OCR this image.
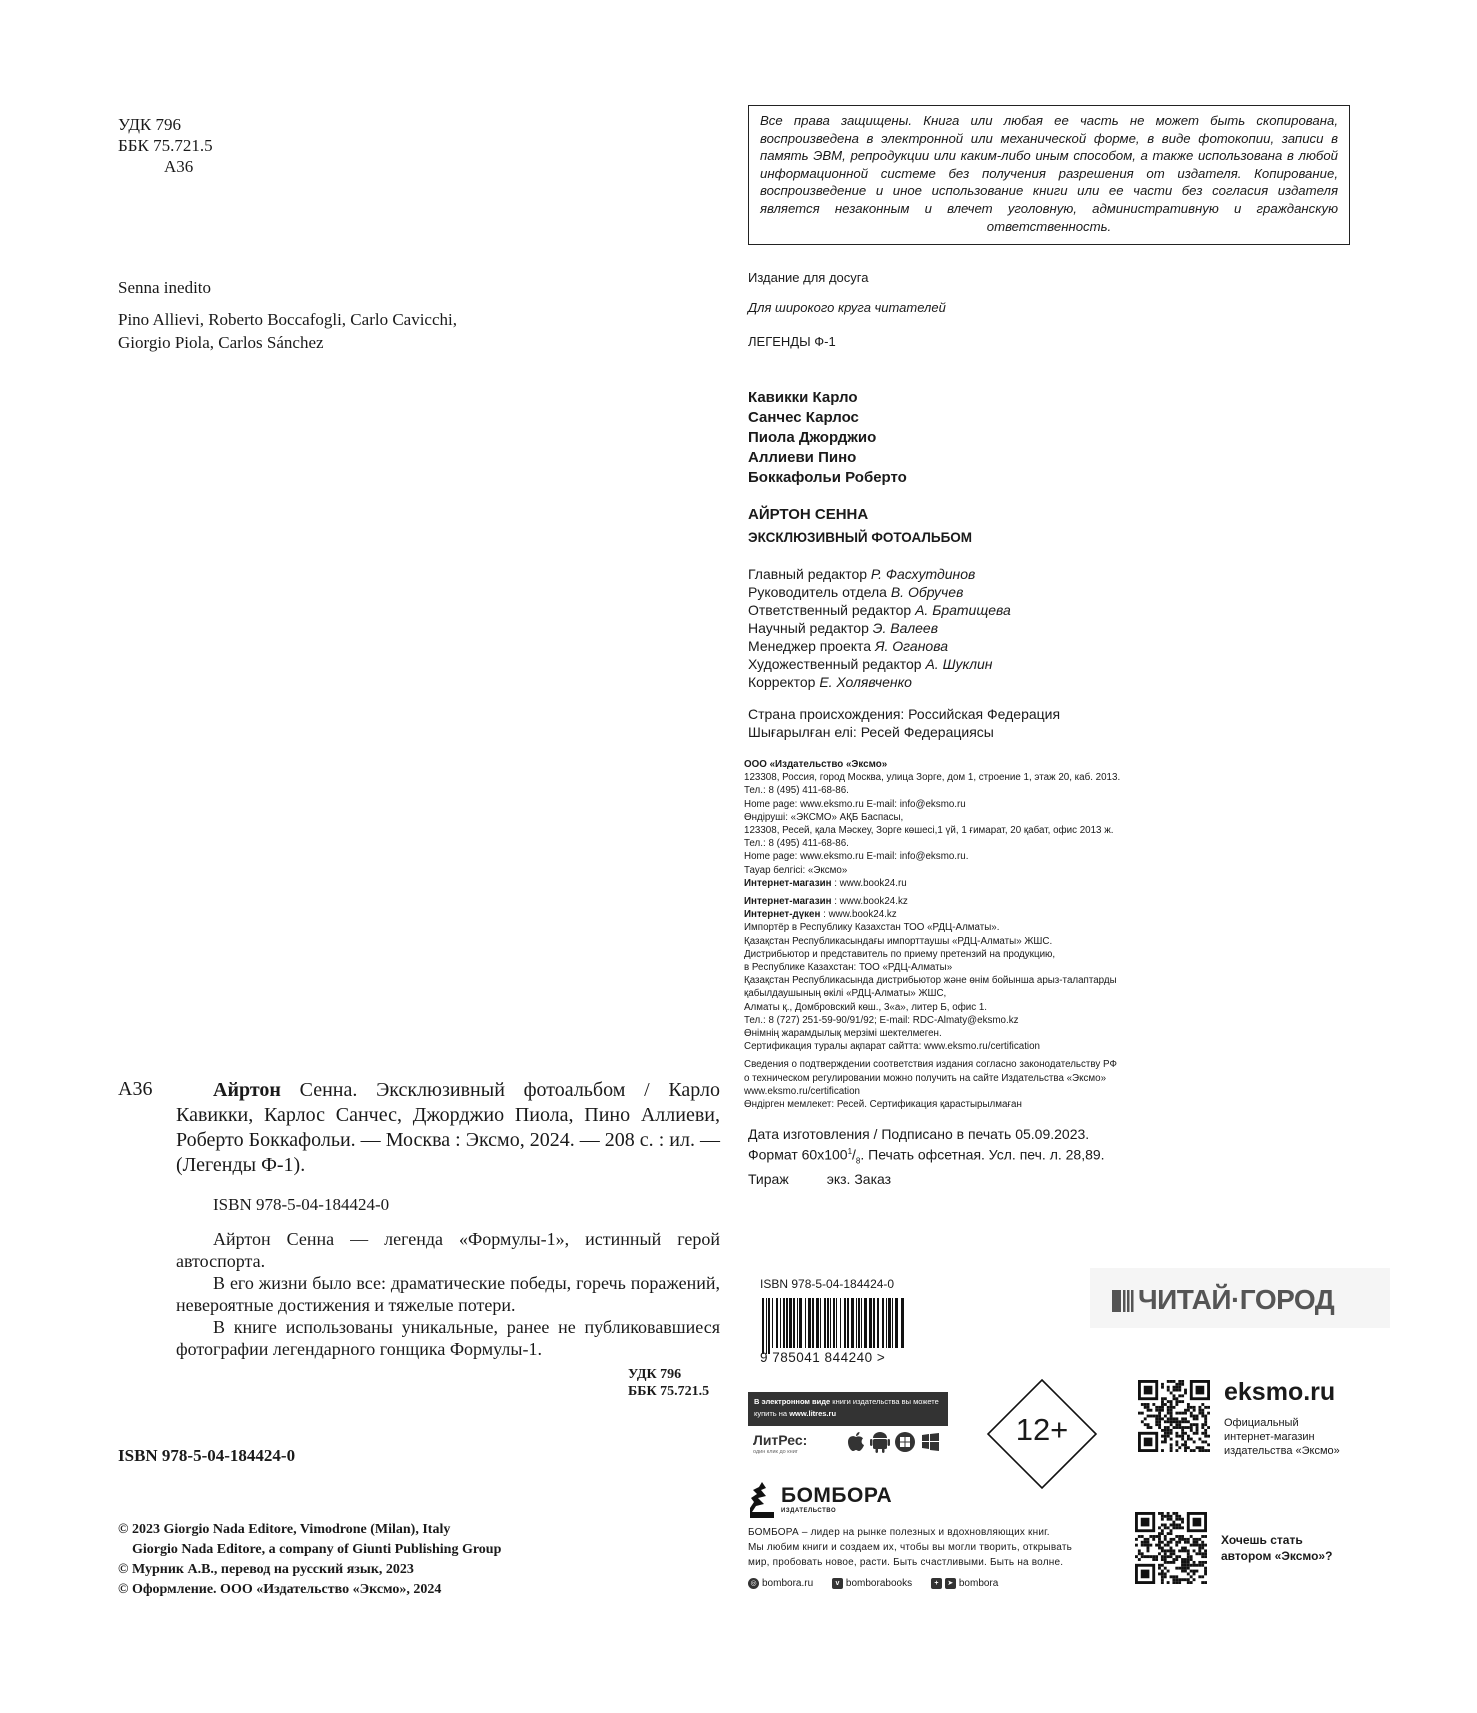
УДК 796
ББК 75.721.5
А36
Senna inedito
Pino Allievi, Roberto Boccafogli, Carlo Cavicchi,
Giorgio Piola, Carlos Sánchez
А36	Айртон Сенна. Эксклюзивный фотоальбом / Карло Кавикки, Карлос Санчес, Джорджио Пиола, Пино Аллиеви, Роберто Боккафольи. — Москва : Эксмо, 2024. — 208 с. : ил. — (Легенды Ф-1).
ISBN 978-5-04-184424-0

Айртон Сенна — легенда «Формулы-1», истинный герой автоспорта.

В его жизни было все: драматические победы, горечь поражений, невероятные достижения и тяжелые потери.

В книге использованы уникальные, ранее не публиковавшиеся фотографии легендарного гонщика Формулы-1.

УДК 796
ББК 75.721.5
ISBN 978-5-04-184424-0
© 2023 Giorgio Nada Editore, Vimodrone (Milan), Italy
Giorgio Nada Editore, a company of Giunti Publishing Group
© Мурник А.В., перевод на русский язык, 2023
© Оформление. ООО «Издательство «Эксмо», 2024
Все права защищены. Книга или любая ее часть не может быть скопирована, воспроизведена в электронной или механической форме, в виде фотокопии, записи в память ЭВМ, репродукции или каким-либо иным способом, а также использована в любой информационной системе без получения разрешения от издателя. Копирование, воспроизведение и иное использование книги или ее части без согласия издателя является незаконным и влечет уголовную, административную и гражданскую ответственность.
Издание для досуга
Для широкого круга читателей
ЛЕГЕНДЫ Ф-1
Кавикки Карло
Санчес Карлос
Пиола Джорджио
Аллиеви Пино
Боккафольи Роберто
АЙРТОН СЕННА
ЭКСКЛЮЗИВНЫЙ ФОТОАЛЬБОМ
Главный редактор Р. Фасхутдинов
Руководитель отдела В. Обручев
Ответственный редактор А. Братищева
Научный редактор Э. Валеев
Менеджер проекта Я. Оганова
Художественный редактор А. Шуклин
Корректор Е. Холявченко
Страна происхождения: Российская Федерация
Шығарылған елі: Ресей Федерациясы
ООО «Издательство «Эксмо»
123308, Россия, город Москва, улица Зорге, дом 1, строение 1, этаж 20, каб. 2013.
Тел.: 8 (495) 411-68-86.
Home page: www.eksmo.ru E-mail: info@eksmo.ru
Өндіруші: «ЭКСМО» АҚБ Баспасы,
123308, Ресей, қала Мәскеу, Зорге көшесі,1 үй, 1 ғимарат, 20 қабат, офис 2013 ж.
Тел.: 8 (495) 411-68-86.
Home page: www.eksmo.ru E-mail: info@eksmo.ru.
Тауар белгісі: «Эксмо»
Интернет-магазин : www.book24.ru
Интернет-магазин : www.book24.kz
Интернет-дүкен : www.book24.kz
Импортёр в Республику Казахстан ТОО «РДЦ-Алматы».
Қазақстан Республикасындағы импорттаушы «РДЦ-Алматы» ЖШС.
Дистрибьютор и представитель по приему претензий на продукцию,
в Республике Казахстан: ТОО «РДЦ-Алматы»
Қазақстан Республикасында дистрибьютор және өнім бойынша арыз-талаптарды
қабылдаушының өкілі «РДЦ-Алматы» ЖШС,
Алматы қ., Домбровский көш., 3«а», литер Б, офис 1.
Тел.: 8 (727) 251-59-90/91/92; E-mail: RDC-Almaty@eksmo.kz
Өнімнің жарамдылық мерзімі шектелмеген.
Сертификация туралы ақпарат сайтта: www.eksmo.ru/certification
Сведения о подтверждении соответствия издания согласно законодательству РФ
о техническом регулировании можно получить на сайте Издательства «Эксмо»
www.eksmo.ru/certification
Өндірген мемлекет: Ресей. Сертификация қарастырылмаған
Дата изготовления / Подписано в печать 05.09.2023.
Формат $60x100^1/_8$. Печать офсетная. Усл. печ. л. 28,89.
Тираж	экз. Заказ
ISBN 978-5-04-184424-0
9 785041 844240 >
ЧИТАЙ·ГОРОД
В электронном виде книги издательства вы можете
купить на www.litres.ru
ЛитРес:
один клик до книг
12+
eksmo.ru
Официальный
интернет-магазин
издательства «Эксмо»
Хочешь стать
автором «Эксмо»?
БОМБОРА
ИЗДАТЕЛЬСТВО
БОМБОРА – лидер на рынке полезных и вдохновляющих книг.
Мы любим книги и создаем их, чтобы вы могли творить, открывать
мир, пробовать новое, расти. Быть счастливыми. Быть на волне.
◎ bombora.ru	v bomborabooks	+ ➤ bombora
